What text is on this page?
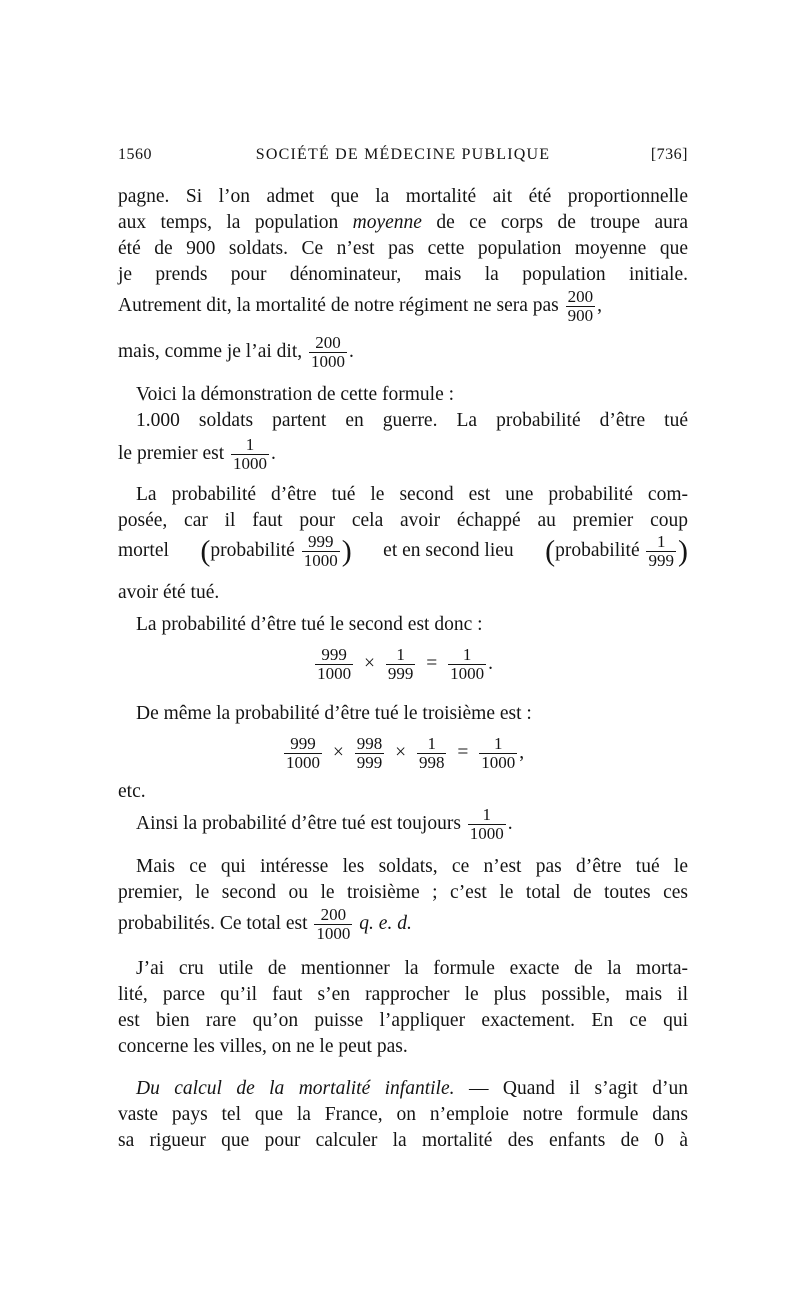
1560	SOCIÉTÉ DE MÉDECINE PUBLIQUE	[736]
pagne. Si l’on admet que la mortalité ait été proportionnelle
aux temps, la population moyenne de ce corps de troupe aura
été de 900 soldats. Ce n’est pas cette population moyenne que
je prends pour dénominateur, mais la population initiale.
Autrement dit, la mortalité de notre régiment ne sera pas $\frac{200}{900}$ ,
mais, comme je l’ai dit, $\frac{200}{1000}$ .
Voici la démonstration de cette formule :
1.000 soldats partent en guerre. La probabilité d’être tué
le premier est $\frac{1}{1000}$ .
La probabilité d’être tué le second est une probabilité com-
posée, car il faut pour cela avoir échappé au premier coup
mortel (probabilité $\frac{999}{1000}$ ) et en second lieu (probabilité $\frac{1}{999}$ )
avoir été tué.
La probabilité d’être tué le second est donc :
$\frac{999}{1000} \times \frac{1}{999} = \frac{1}{1000}$ .
De même la probabilité d’être tué le troisième est :
$\frac{999}{1000} \times \frac{998}{999} \times \frac{1}{998} = \frac{1}{1000}$ ,
etc.
Ainsi la probabilité d’être tué est toujours $\frac{1}{1000}$ .
Mais ce qui intéresse les soldats, ce n’est pas d’être tué le
premier, le second ou le troisième ; c’est le total de toutes ces
probabilités. Ce total est $\frac{200}{1000} q$. e. d.
J’ai cru utile de mentionner la formule exacte de la morta-
lité, parce qu’il faut s’en rapprocher le plus possible, mais il
est bien rare qu’on puisse l’appliquer exactement. En ce qui
concerne les villes, on ne le peut pas.
Du calcul de la mortalité infantile. — Quand il s’agit d’un
vaste pays tel que la France, on n’emploie notre formule dans
sa rigueur que pour calculer la mortalité des enfants de 0 à
